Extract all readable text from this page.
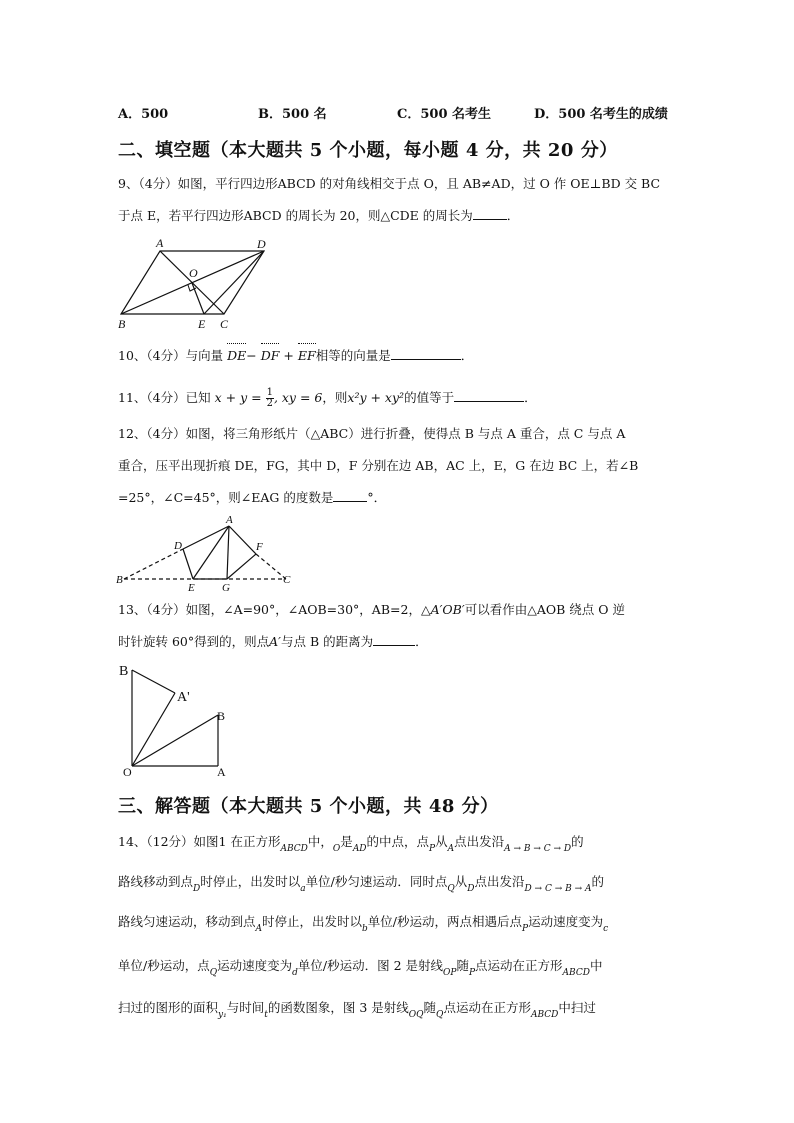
A．500	B．500 名	C．500 名考生	D．500 名考生的成绩
二、填空题（本大题共 5 个小题，每小题 4 分，共 20 分）
9、（4分）如图，平行四边形ABCD 的对角线相交于点 O，且 AB≠AD，过 O 作 OE⊥BD 交 BC
于点 E，若平行四边形ABCD 的周长为 20，则△CDE 的周长为	．
A	D
O
B	E C
10、（4分）与向量 DE− DF + EF相等的向量是	．
11、（4分）已知 $x + y = \frac{1}{2}$ , xy = 6，则x²y + xy²的值等于	．
12、（4分）如图，将三角形纸片（△ABC）进行折叠，使得点 B 与点 A 重合，点 C 与点 A
重合，压平出现折痕 DE，FG，其中 D，F 分别在边 AB，AC 上，E，G 在边 BC 上，若∠B
=25°，∠C=45°，则∠EAG 的度数是	°．
A
D	F
B
E G
C
13、（4分）如图，∠A=90°，∠AOB=30°，AB=2，△A′OB′可以看作由△AOB 绕点 O 逆
时针旋转 60°得到的，则点A′与点 B 的距离为	．
B
A'
B
O	A
三、解答题（本大题共 5 个小题，共 48 分）
14、（12分）如图1 在正方形$_{ABCD}$中，$_O$是$_{AD}$的中点，点$_P$从$_A$点出发沿$_{A \to B \to C \to D}$的
路线移动到点$_D$时停止，出发时以$_a$单位/秒匀速运动．同时点$_Q$从$_D$点出发沿$_{D \to C \to B \to A}$的
路线匀速运动，移动到点$_A$时停止，出发时以$_b$单位/秒运动，两点相遇后点$_P$运动速度变为$_c$
单位/秒运动，点$_Q$运动速度变为$_d$单位/秒运动．图 2 是射线$_{OP}$随$_P$点运动在正方形$_{ABCD}$中
扫过的图形的面积$_{y_1}$与时间$_t$的函数图象，图 3 是射线$_{OQ}$随$_Q$点运动在正方形$_{ABCD}$中扫过
